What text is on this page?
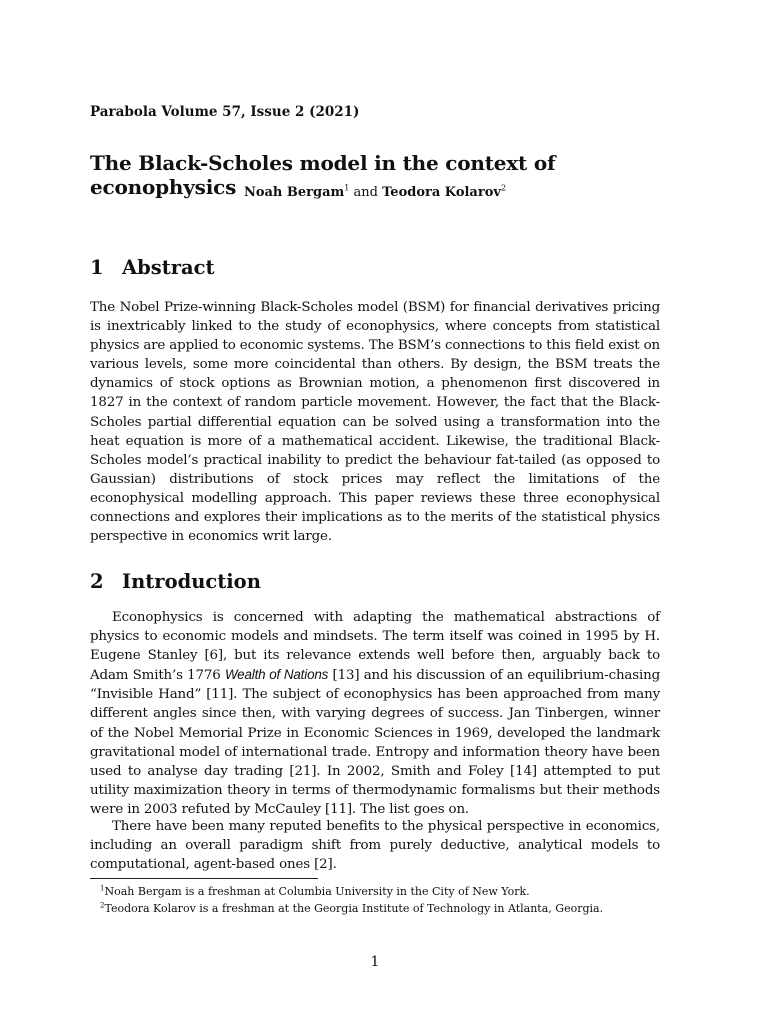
Parabola Volume 57, Issue 2 (2021)
The Black-Scholes model in the context of econophysics Noah Bergam$^1$ and Teodora Kolarov$^2$
1 Abstract
The Nobel Prize-winning Black-Scholes model (BSM) for financial derivatives pricing is inextricably linked to the study of econophysics, where concepts from statistical physics are applied to economic systems. The BSM’s connections to this field exist on various levels, some more coincidental than others. By design, the BSM treats the dynamics of stock options as Brownian motion, a phenomenon first discovered in 1827 in the context of random particle movement. However, the fact that the Black-Scholes partial differential equation can be solved using a transformation into the heat equation is more of a mathematical accident. Likewise, the traditional Black-Scholes model’s practical inability to predict the behaviour fat-tailed (as opposed to Gaussian) distributions of stock prices may reflect the limitations of the econophysical modelling approach. This paper reviews these three econophysical connections and explores their implications as to the merits of the statistical physics perspective in economics writ large.
2 Introduction
Econophysics is concerned with adapting the mathematical abstractions of physics to economic models and mindsets. The term itself was coined in 1995 by H. Eugene Stanley [6], but its relevance extends well before then, arguably back to Adam Smith’s 1776 Wealth of Nations [13] and his discussion of an equilibrium-chasing “Invisible Hand” [11]. The subject of econophysics has been approached from many different angles since then, with varying degrees of success. Jan Tinbergen, winner of the Nobel Memorial Prize in Economic Sciences in 1969, developed the landmark gravitational model of international trade. Entropy and information theory have been used to analyse day trading [21]. In 2002, Smith and Foley [14] attempted to put utility maximization theory in terms of thermodynamic formalisms but their methods were in 2003 refuted by McCauley [11]. The list goes on.
There have been many reputed benefits to the physical perspective in economics, including an overall paradigm shift from purely deductive, analytical models to computational, agent-based ones [2].
$^1$Noah Bergam is a freshman at Columbia University in the City of New York.
$^2$Teodora Kolarov is a freshman at the Georgia Institute of Technology in Atlanta, Georgia.
1
